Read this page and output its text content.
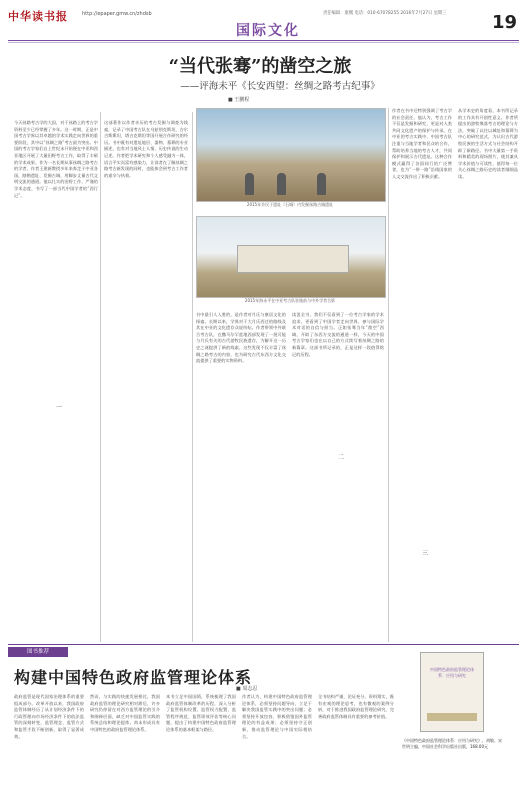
中华读书报	http://epaper.gmw.cn/zhdsb
国际文化
责任编辑：康慨 电话：010-67078255 2016年7月27日 星期三	19
“当代张骞”的凿空之旅
——评海未平《长安西望：丝绸之路考古纪事》
■ 王鹏程
今天丝路考古学的大国，对于丝路上的考古学资料至少已经掌握了多年。这一时期，正是中国考古学界以其卓越的学术实践走向世界的重要阶段，其中以“丝绸之路”考古最为突出。中国的考古学家们自上世纪末开始便在中亚和西亚地区开展了大量田野考古工作，取得了丰硕的学术成果。作为一名长期从事丝绸之路考古的学者，作者王建新教授多年来奔走于中亚各国，踏勘遗址、发掘古城，用脚步丈量古代文明交流的通道。他以扎实的田野工作、严谨的学术态度，书写了一部当代中国学者的“西行记”。
一
这部著作以作者亲历的考古发掘与调查为线索，记录了中国考古队在乌兹别克斯坦、吉尔吉斯斯坦、塔吉克斯坦等国开展合作研究的经历。书中既有对遗址地层、器物、墓葬的专业描述，也有对当地风土人情、历史传说的生动记述。作者把学术研究和个人感受融为一体，语言平实而富有感染力，让读者在了解丝绸之路考古新发现的同时，也能体会到考古工作者的艰辛与执着。
2015年乡民于遗址（石城）内发掘丝路古城遗址
2015年海未平在中亚考古队驻地前与中外学者合影
书中最引人入胜的，是作者对月氏与康居文化的探索。长期以来，学界对于大月氏西迁的路线及其在中亚的文化遗存众说纷纭。作者带领中外联合考古队，在撒马尔罕盆地西部发现了一批可能与月氏有关的古代游牧民族遗存，为解开这一历史之谜提供了新的线索。这些发现不仅丰富了丝绸之路考古的内容，也为研究古代东西方文化交流提供了重要的实物资料。
读罢全书，我们不仅看到了一位考古学家的学术追求，更看到了中国学者走向世界、参与国际学术对话的自信与担当。正如张骞当年“凿空”西域，开辟了东西方交流的通道一样，今天的中国考古学家们也在以自己的方式续写着丝绸之路的新篇章。这部书所记录的，正是这样一段值得铭记的历程。
二
作者在书中还特别强调了考古学的社会责任。他认为，考古工作不仅是发掘和研究，更是对人类共同文化遗产的保护与传承。在中亚的考古实践中，中国考古队注重与当地学者和民众的合作，帮助培养当地的考古人才，共同保护和展示古代遗址。这种合作模式赢得了各国同行的广泛赞誉，也为“一带一路”沿线国家的人文交流作出了积极贡献。
从学术史的角度看，本书所记录的工作具有开创性意义。作者所提出的游牧聚落考古的理论与方法，突破了以往以城址和墓葬为中心的研究范式，为认识古代游牧民族的生活方式与社会结构开辟了新路径。书中大量第一手资料和精美的现场照片，使其兼具学术价值与可读性，值得每一位关心丝绸之路历史的读者细细品读。
三
图书推荐
构建中国特色政府监管理论体系
■ 周志忍
政府监管是现代国家治理体系的重要组成部分。改革开放以来，我国政府监管体制经历了从计划经济条件下的行政管理向市场经济条件下的依法监管的深刻转变，监管理念、监管方式和监管手段不断创新，取得了显著成效。
然而，与实践的快速发展相比，我国政府监管的理论研究相对滞后，许多研究仍停留在对西方监管理论的引介和阐释层面，缺乏对中国监管实践的系统总结和理论提炼，尚未形成具有中国特色的政府监管理论体系。
本书立足中国国情，系统梳理了我国政府监管体制改革的历程，深入分析了监管机构设置、监管权力配置、监管程序规范、监管绩效评估等核心问题，提出了构建中国特色政府监管理论体系的基本框架与路径。
作者认为，构建中国特色政府监管理论体系，必须坚持问题导向，立足于解决我国监管实践中的突出问题；必须坚持开放包容，积极借鉴国外监管理论的有益成果；必须坚持守正创新，推动监管理论与中国实际相结合。
全书结构严谨，论证充分，资料翔实，既有宏观的理论思考，也有微观的案例分析，对于推进我国政府监管理论研究、完善政府监管体制具有重要的参考价值。
中国特色政府监管理论体系：应用与研究
《中国特色政府监管理论体系：应用与研究》，胡敏、宋世明主编，中国社会科学出版社出版，168.00元
